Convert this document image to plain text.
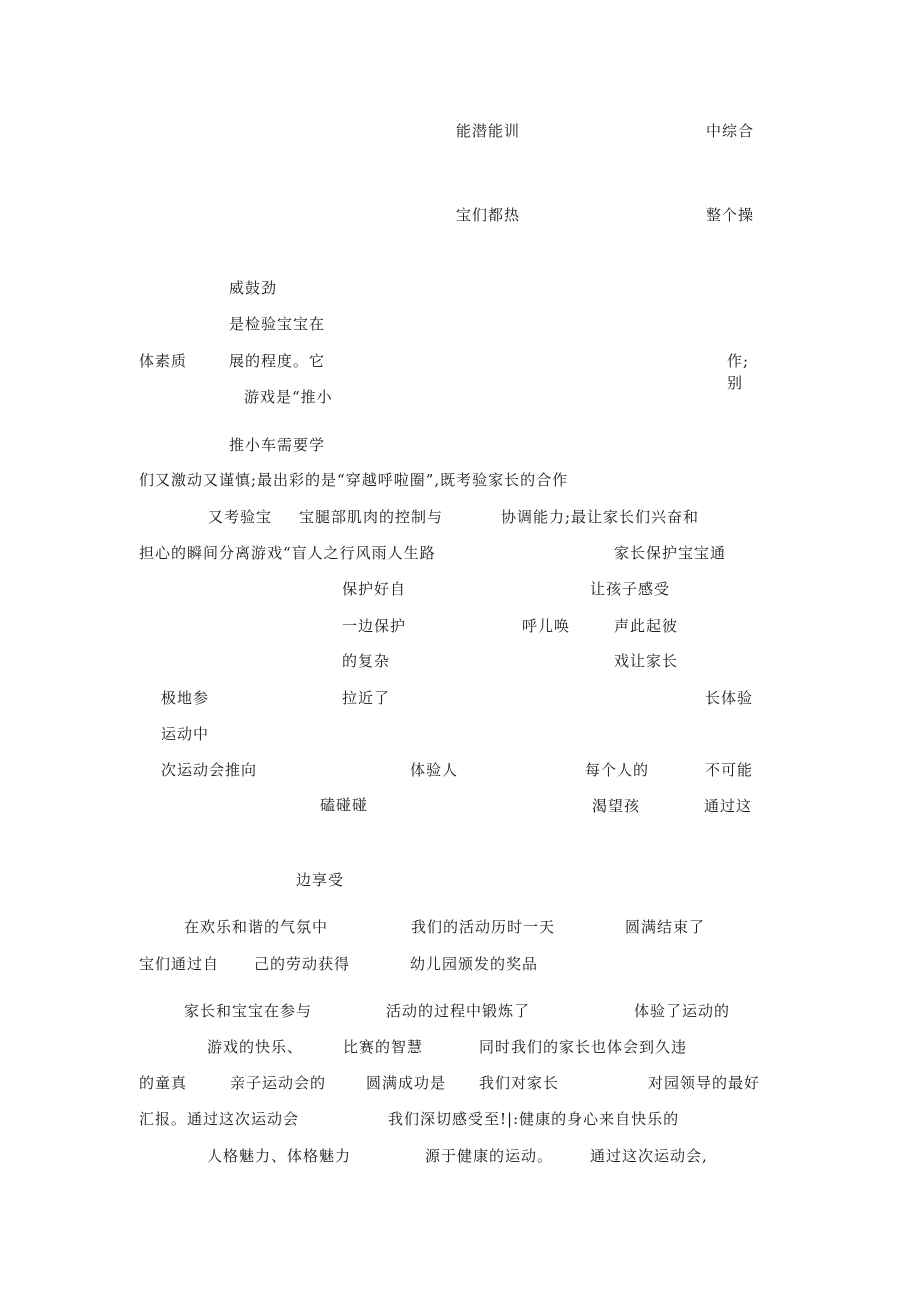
能潜能训	中综合
宝们都热	整个操
威鼓劲
是检验宝宝在
体素质	展的程度。它	作;
别
游戏是“推小
推小车需要学
们又激动又谨慎;最出彩的是“穿越呼啦圈”,既考验家长的合作
又考验宝 宝腿部肌肉的控制与	协调能力;最让家长们兴奋和
担心的瞬间分离游戏“盲人之行风雨人生路	家长保护宝宝通
保护好自	让孩子感受
一边保护	呼儿唤	声此起彼
的复杂	戏让家长
极地参	拉近了	长体验
运动中
次运动会推向	体验人	每个人的	不可能
磕碰碰	渴望孩	通过这
边享受
在欢乐和谐的气氛中	我们的活动历时一天	圆满结束了
宝们通过自 己的劳动获得	幼儿园颁发的奖品
家长和宝宝在参与	活动的过程中锻炼了	体验了运动的
游戏的快乐、	比赛的智慧	同时我们的家长也体会到久违
的童真	亲子运动会的	圆满成功是 我们对家长	对园领导的最好
汇报。通过这次运动会	我们深切感受至!|:健康的身心来自快乐的
人格魅力、体格魅力	源于健康的运动。 通过这次运动会,
